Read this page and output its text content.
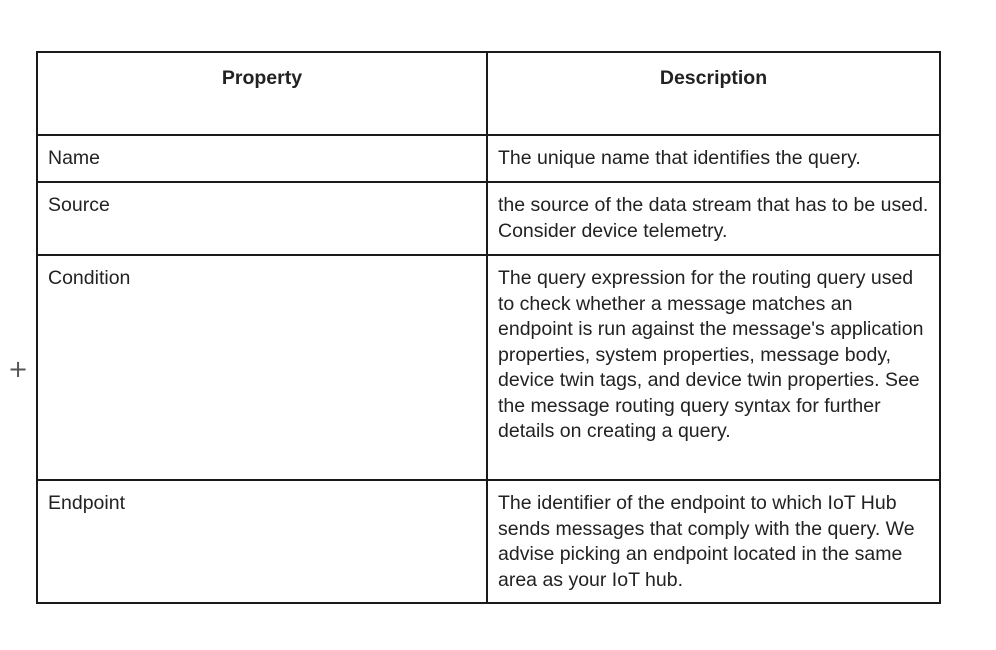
+
Property	Description
Name	The unique name that identifies the query.
Source	the source of the data stream that has to be used. Consider device telemetry.
Condition	The query expression for the routing query used to check whether a message matches an endpoint is run against the message's application properties, system properties, message body, device twin tags, and device twin properties. See the message routing query syntax for further details on creating a query.
Endpoint	The identifier of the endpoint to which IoT Hub sends messages that comply with the query. We advise picking an endpoint located in the same area as your IoT hub.
